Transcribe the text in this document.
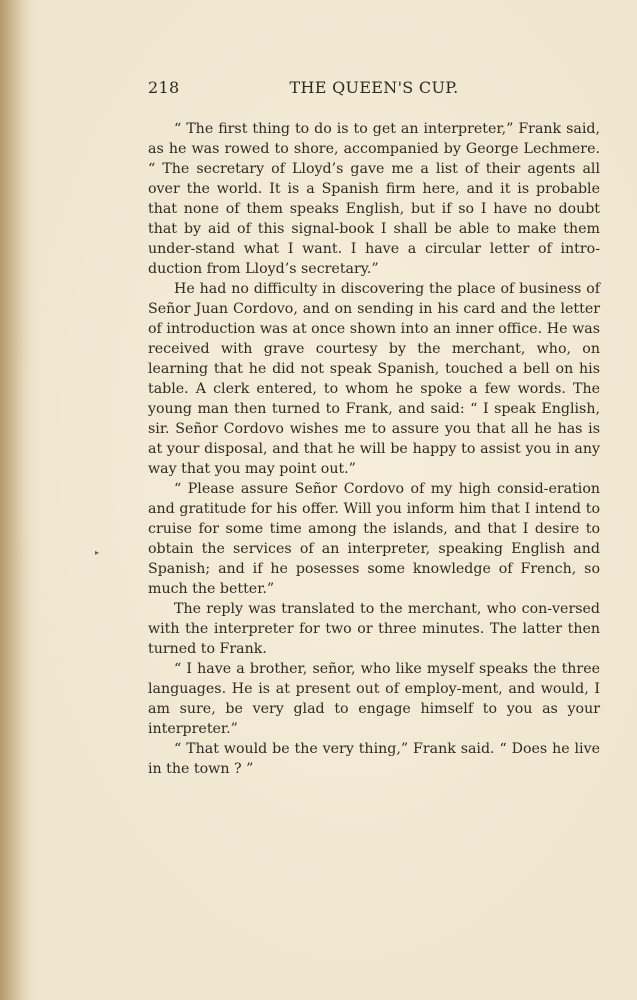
218	THE QUEEN'S CUP.
▸

“ The first thing to do is to get an interpreter,” Frank said, as he was rowed to shore, accompanied by George Lechmere. “ The secretary of Lloyd’s gave me a list of their agents all over the world. It is a Spanish firm here, and it is probable that none of them speaks English, but if so I have no doubt that by aid of this signal-book I shall be able to make them under-stand what I want. I have a circular letter of intro-duction from Lloyd’s secretary.”

He had no difficulty in discovering the place of business of Señor Juan Cordovo, and on sending in his card and the letter of introduction was at once shown into an inner office. He was received with grave courtesy by the merchant, who, on learning that he did not speak Spanish, touched a bell on his table. A clerk entered, to whom he spoke a few words. The young man then turned to Frank, and said: “ I speak English, sir. Señor Cordovo wishes me to assure you that all he has is at your disposal, and that he will be happy to assist you in any way that you may point out.”

“ Please assure Señor Cordovo of my high consid-eration and gratitude for his offer. Will you inform him that I intend to cruise for some time among the islands, and that I desire to obtain the services of an interpreter, speaking English and Spanish; and if he posesses some knowledge of French, so much the better.”

The reply was translated to the merchant, who con-versed with the interpreter for two or three minutes. The latter then turned to Frank.

“ I have a brother, señor, who like myself speaks the three languages. He is at present out of employ-ment, and would, I am sure, be very glad to engage himself to you as your interpreter.”

“ That would be the very thing,” Frank said. “ Does he live in the town ? ”
